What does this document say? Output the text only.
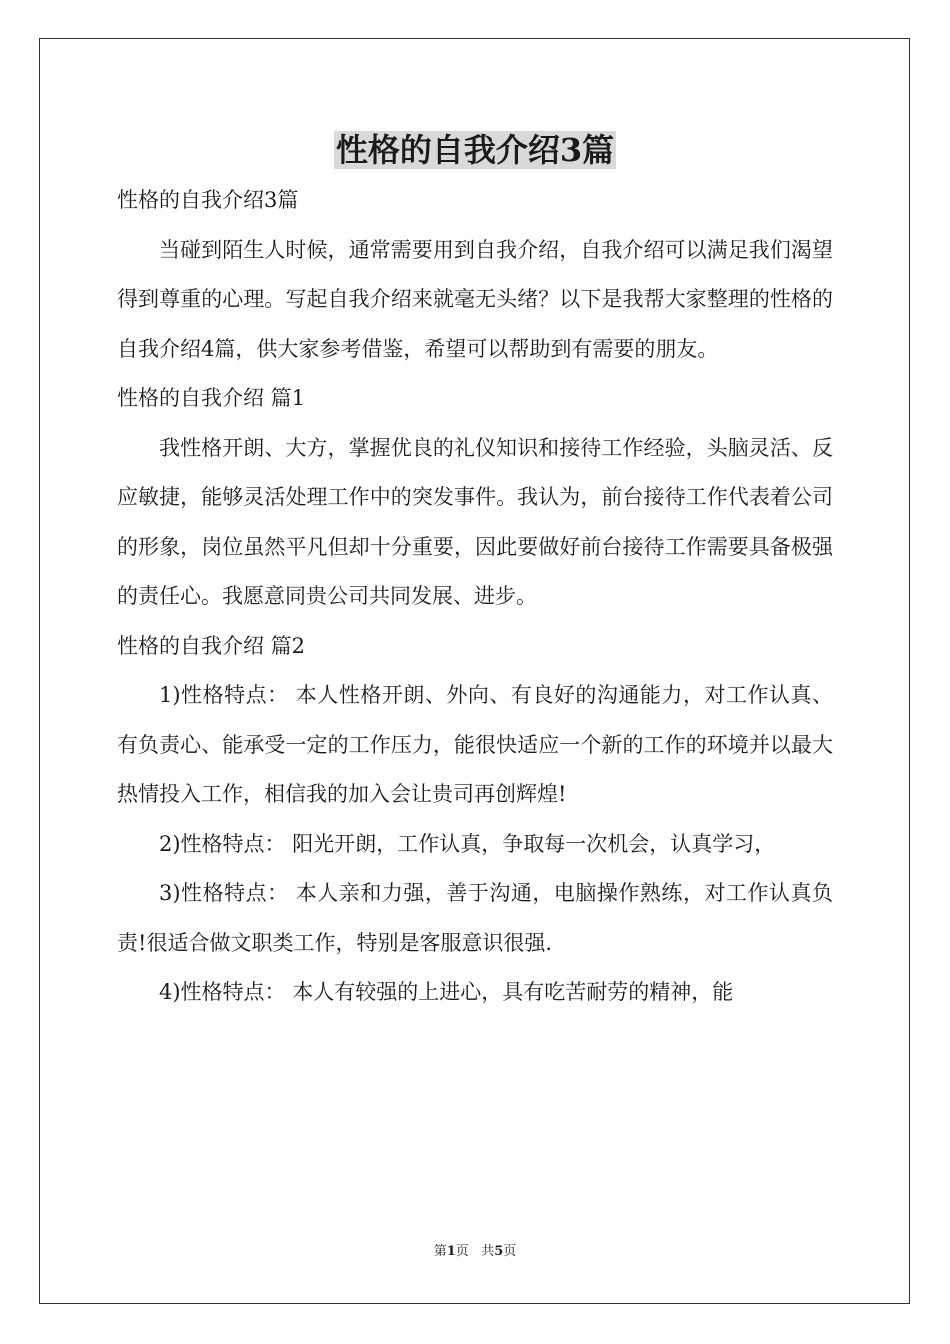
性格的自我介绍3篇

性格的自我介绍3篇

当碰到陌生人时候，通常需要用到自我介绍，自我介绍可以满足我们渴望得到尊重的心理。写起自我介绍来就毫无头绪？以下是我帮大家整理的性格的自我介绍4篇，供大家参考借鉴，希望可以帮助到有需要的朋友。

性格的自我介绍 篇1

我性格开朗、大方，掌握优良的礼仪知识和接待工作经验，头脑灵活、反应敏捷，能够灵活处理工作中的突发事件。我认为，前台接待工作代表着公司的形象，岗位虽然平凡但却十分重要，因此要做好前台接待工作需要具备极强的责任心。我愿意同贵公司共同发展、进步。

性格的自我介绍 篇2

1)性格特点： 本人性格开朗、外向、有良好的沟通能力，对工作认真、有负责心、能承受一定的工作压力，能很快适应一个新的工作的环境并以最大热情投入工作，相信我的加入会让贵司再创辉煌!

2)性格特点： 阳光开朗，工作认真，争取每一次机会，认真学习，

3)性格特点： 本人亲和力强，善于沟通，电脑操作熟练，对工作认真负责!很适合做文职类工作，特别是客服意识很强.

4)性格特点： 本人有较强的上进心，具有吃苦耐劳的精神，能

第1页 共5页
